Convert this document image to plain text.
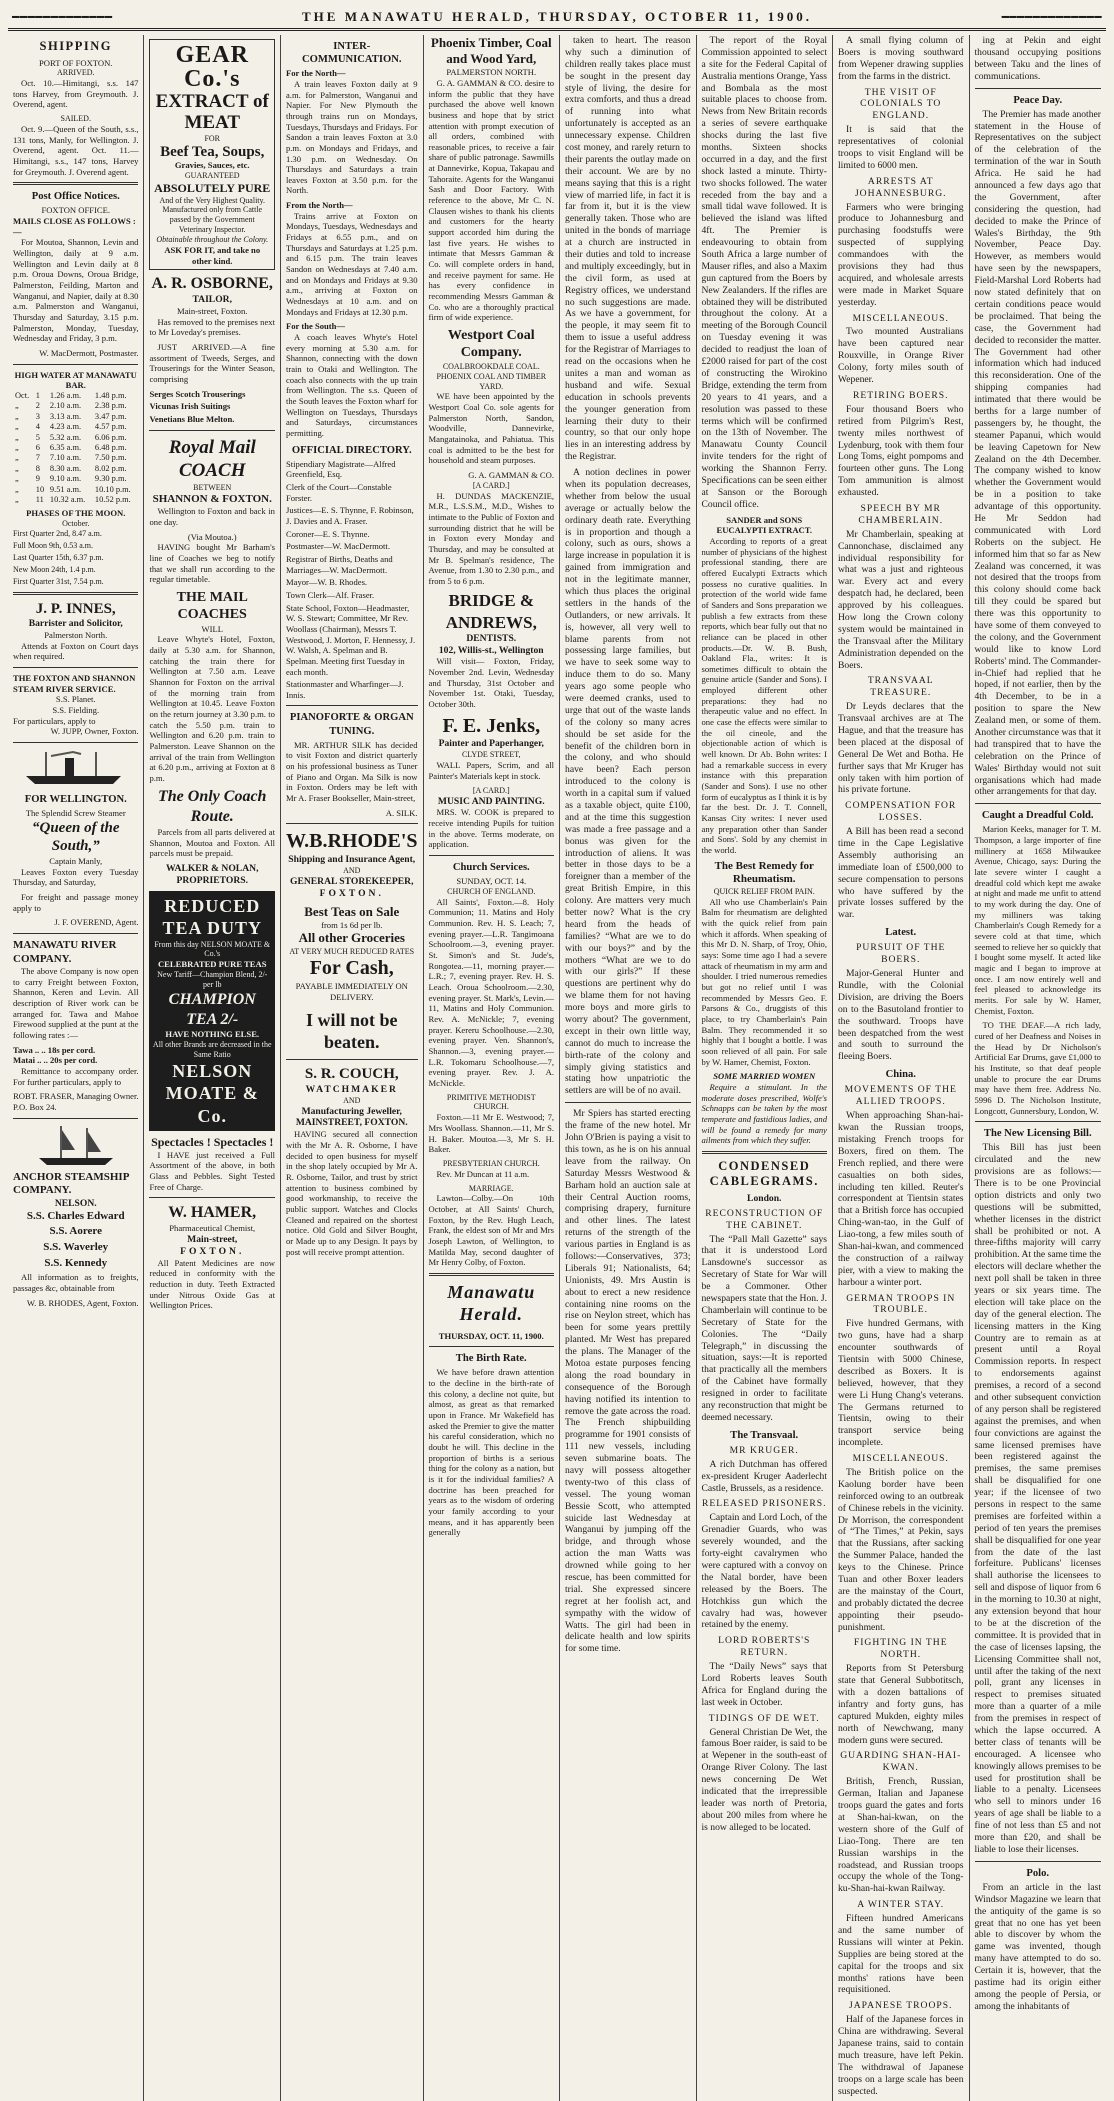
━━━━━━━━━━━━━	THE MANAWATU HERALD, THURSDAY, OCTOBER 11, 1900.	━━━━━━━━━━━━━
SHIPPING
PORT OF FOXTON.
ARRIVED.

Oct. 10.—Himitangi, s.s. 147 tons Harvey, from Greymouth. J. Overend, agent.

SAILED.

Oct. 9.—Queen of the South, s.s., 131 tons, Manly, for Wellington. J. Overend, agent. Oct. 11.—Himitangi, s.s., 147 tons, Harvey for Greymouth. J. Overend agent.

Post Office Notices.
FOXTON OFFICE.
MAILS CLOSE AS FOLLOWS :—

For Moutoa, Shannon, Levin and Wellington, daily at 9 a.m. Wellington and Levin daily at 8 p.m. Oroua Downs, Oroua Bridge, Palmerston, Feilding, Marton and Wanganui, and Napier, daily at 8.30 a.m. Palmerston and Wanganui, Thursday and Saturday, 3.15 p.m. Palmerston, Monday, Tuesday, Wednesday and Friday, 3 p.m.

W. MacDermott, Postmaster.
HIGH WATER AT MANAWATU BAR.
Oct.	1	1.26 a.m.	1.48 p.m.
„	2	2.10 a.m.	2.38 p.m.
„	3	3.13 a.m.	3.47 p.m.
„	4	4.23 a.m.	4.57 p.m.
„	5	5.32 a.m.	6.06 p.m.
„	6	6.35 a.m.	6.48 p.m.
„	7	7.10 a.m.	7.50 p.m.
„	8	8.30 a.m.	8.02 p.m.
„	9	9.10 a.m.	9.30 p.m.
„	10	9.51 a.m.	10.10 p.m.
„	11	10.32 a.m.	10.52 p.m.
PHASES OF THE MOON.
October.
First Quarter 2nd, 8.47 a.m.
Full Moon 9th, 0.53 a.m.
Last Quarter 15th, 6.37 p.m.
New Moon 24th, 1.4 p.m.
First Quarter 31st, 7.54 p.m.
J. P. INNES,
Barrister and Solicitor,
Palmerston North.

Attends at Foxton on Court days when required.

THE FOXTON AND SHANNON STEAM RIVER SERVICE.
S.S. Planet.
S.S. Fielding.
For particulars, apply to
W. JUPP, Owner, Foxton.
FOR WELLINGTON.
The Splendid Screw Steamer
“Queen of the South,”
Captain Manly,

Leaves Foxton every Tuesday Thursday, and Saturday,

For freight and passage money apply to

J. F. OVEREND, Agent.
MANAWATU RIVER COMPANY.

The above Company is now open to carry Freight between Foxton, Shannon, Keren and Levin. All description of River work can be arranged for. Tawa and Mahoe Firewood supplied at the punt at the following rates :—

Tawa .. .. 18s per cord.
Matai .. .. 20s per cord.

Remittance to accompany order. For further particulars, apply to

ROBT. FRASER, Managing Owner.
P.O. Box 24.
ANCHOR STEAMSHIP COMPANY.
NELSON.
S.S. Charles Edward
S.S. Aorere
S.S. Waverley
S.S. Kennedy

All information as to freights, passages &c, obtainable from

W. B. RHODES, Agent, Foxton.
GEAR Co.'s
EXTRACT of MEAT
FOR
Beef Tea, Soups,
Gravies, Sauces, etc.
GUARANTEED
ABSOLUTELY PURE
And of the Very Highest Quality. Manufactured only from Cattle passed by the Government Veterinary Inspector.
Obtainable throughout the Colony.
ASK FOR IT, and take no other kind.
A. R. OSBORNE,
TAILOR,
Main-street, Foxton.

Has removed to the premises next to Mr Loveday's premises.

JUST ARRIVED.—A fine assortment of Tweeds, Serges, and Trouserings for the Winter Season, comprising

Serges Scotch Trouserings
Vicunas Irish Suitings
Venetians Blue Melton.
Royal Mail COACH
BETWEEN
SHANNON & FOXTON.

Wellington to Foxton and back in one day.

(Via Moutoa.)

HAVING bought Mr Barham's line of Coaches we beg to notify that we shall run according to the regular timetable.

THE MAIL COACHES
WILL

Leave Whyte's Hotel, Foxton, daily at 5.30 a.m. for Shannon, catching the train there for Wellington at 7.50 a.m. Leave Shannon for Foxton on the arrival of the morning train from Wellington at 10.45. Leave Foxton on the return journey at 3.30 p.m. to catch the 5.50 p.m. train to Wellington and 6.20 p.m. train to Palmerston. Leave Shannon on the arrival of the train from Wellington at 6.20 p.m., arriving at Foxton at 8 p.m.

The Only Coach Route.

Parcels from all parts delivered at Shannon, Moutoa and Foxton. All parcels must be prepaid.

WALKER & NOLAN, PROPRIETORS.
REDUCED TEA DUTY
From this day NELSON MOATE & Co.'s
CELEBRATED PURE TEAS
New Tariff—Champion Blend, 2/- per lb
CHAMPION TEA 2/-
HAVE NOTHING ELSE.
All other Brands are decreased in the Same Ratio
NELSON MOATE & Co.
Spectacles ! Spectacles !

I HAVE just received a Full Assortment of the above, in both Glass and Pebbles. Sight Tested Free of Charge.

W. HAMER,
Pharmaceutical Chemist,
Main-street,
FOXTON.

All Patent Medicines are now reduced in conformity with the reduction in duty. Teeth Extracted under Nitrous Oxide Gas at Wellington Prices.

INTER-COMMUNICATION.
For the North—

A train leaves Foxton daily at 9 a.m. for Palmerston, Wanganui and Napier. For New Plymouth the through trains run on Mondays, Tuesdays, Thursdays and Fridays. For Sandon a train leaves Foxton at 3.0 p.m. on Mondays and Fridays, and 1.30 p.m. on Wednesday. On Thursdays and Saturdays a train leaves Foxton at 3.50 p.m. for the North.

From the North—

Trains arrive at Foxton on Mondays, Tuesdays, Wednesdays and Fridays at 6.55 p.m., and on Thursdays and Saturdays at 1.25 p.m. and 6.15 p.m. The train leaves Sandon on Wednesdays at 7.40 a.m. and on Mondays and Fridays at 9.30 a.m., arriving at Foxton on Wednesdays at 10 a.m. and on Mondays and Fridays at 12.30 p.m.

For the South—

A coach leaves Whyte's Hotel every morning at 5.30 a.m. for Shannon, connecting with the down train to Otaki and Wellington. The coach also connects with the up train from Wellington. The s.s. Queen of the South leaves the Foxton wharf for Wellington on Tuesdays, Thursdays and Saturdays, circumstances permitting.

OFFICIAL DIRECTORY.
Stipendiary Magistrate—Alfred Greenfield, Esq.
Clerk of the Court—Constable Forster.
Justices—E. S. Thynne, F. Robinson, J. Davies and A. Fraser.
Coroner—E. S. Thynne.
Postmaster—W. MacDermott.
Registrar of Births, Deaths and Marriages—W. MacDermott.
Mayor—W. B. Rhodes.
Town Clerk—Alf. Fraser.
State School, Foxton—Headmaster, W. S. Stewart; Committee, Mr Rev. Woollass (Chairman), Messrs T. Westwood, J. Morton, F. Hennessy, J. W. Walsh, A. Spelman and B. Spelman. Meeting first Tuesday in each month.
Stationmaster and Wharfinger—J. Innis.
PIANOFORTE & ORGAN TUNING.

MR. ARTHUR SILK has decided to visit Foxton and district quarterly on his professional business as Tuner of Piano and Organ. Ma Silk is now in Foxton. Orders may be left with Mr A. Fraser Bookseller, Main-street,

A. SILK.
W.B.RHODE'S
Shipping and Insurance Agent,
AND
GENERAL STOREKEEPER,
FOXTON.
Best Teas on Sale
from 1s 6d per lb.
All other Groceries
AT VERY MUCH REDUCED RATES
For Cash,
PAYABLE IMMEDIATELY ON DELIVERY.
I will not be beaten.
S. R. COUCH,
WATCHMAKER
AND
Manufacturing Jeweller,
MAINSTREET, FOXTON.

HAVING secured all connection with the Mr A. R. Osborne, I have decided to open business for myself in the shop lately occupied by Mr A. R. Osborne, Tailor, and trust by strict attention to business combined by good workmanship, to receive the public support. Watches and Clocks Cleaned and repaired on the shortest notice. Old Gold and Silver Bought, or Made up to any Design. It pays by post will receive prompt attention.

Phoenix Timber, Coal and Wood Yard,
PALMERSTON NORTH.

G. A. GAMMAN & CO. desire to inform the public that they have purchased the above well known business and hope that by strict attention with prompt execution of all orders, combined with reasonable prices, to receive a fair share of public patronage. Sawmills at Dannevirke, Kopua, Takapau and Tahoraite. Agents for the Wanganui Sash and Door Factory. With reference to the above, Mr C. N. Clausen wishes to thank his clients and customers for the hearty support accorded him during the last five years. He wishes to intimate that Messrs Gamman & Co. will complete orders in hand, and receive payment for same. He has every confidence in recommending Messrs Gamman & Co. who are a thoroughly practical firm of wide experience.

Westport Coal Company.
COALBROOKDALE COAL.
PHOENIX COAL AND TIMBER YARD.

WE have been appointed by the Westport Coal Co. sole agents for Palmerston North, Sandon, Woodville, Dannevirke, Mangatainoka, and Pahiatua. This coal is admitted to be the best for household and steam purposes.

G. A. GAMMAN & CO.
[A CARD.]

H. DUNDAS MACKENZIE, M.R., L.S.S.M., M.D., Wishes to intimate to the Public of Foxton and surrounding district that he will be in Foxton every Monday and Thursday, and may be consulted at Mr B. Spelman's residence, The Avenue, from 1.30 to 2.30 p.m., and from 5 to 6 p.m.

BRIDGE & ANDREWS,
DENTISTS.
102, Willis-st., Wellington

Will visit— Foxton, Friday, November 2nd. Levin, Wednesday and Thursday, 31st October and November 1st. Otaki, Tuesday, October 30th.

F. E. Jenks,
Painter and Paperhanger,
CLYDE STREET,

WALL Papers, Scrim, and all Painter's Materials kept in stock.

[A CARD.]
MUSIC AND PAINTING.

MRS. W. COOK is prepared to receive intending Pupils for tuition in the above. Terms moderate, on application.

Church Services.
SUNDAY, OCT. 14.
CHURCH OF ENGLAND.

All Saints', Foxton.—8. Holy Communion; 11. Matins and Holy Communion. Rev. H. S. Leach; 7, evening prayer.—L.R. Tangimoana Schoolroom.—3, evening prayer. St. Simon's and St. Jude's, Rongotea.—11, morning prayer.—L.R.; 7, evening prayer. Rev. H. S. Leach. Oroua Schoolroom.—2.30, evening prayer. St. Mark's, Levin.—11, Matins and Holy Communion. Rev. A. McNickle; 7, evening prayer. Kereru Schoolhouse.—2.30, evening prayer. Ven. Shannon's, Shannon.—3, evening prayer.—L.R. Tokomaru Schoolhouse.—7, evening prayer. Rev. J. A. McNickle.

PRIMITIVE METHODIST CHURCH.

Foxton.—11 Mr E. Westwood; 7, Mrs Woollass. Shannon.—11, Mr S. H. Baker. Moutoa.—3, Mr S. H. Baker.

PRESBYTERIAN CHURCH.

Rev. Mr Duncan at 11 a.m.

MARRIAGE.

Lawton—Colby.—On 10th October, at All Saints' Church, Foxton, by the Rev. Hugh Leach, Frank, the eldest son of Mr and Mrs Joseph Lawton, of Wellington, to Matilda May, second daughter of Mr Henry Colby, of Foxton.

Manawatu Herald.
THURSDAY, OCT. 11, 1900.
The Birth Rate.

We have before drawn attention to the decline in the birth-rate of this colony, a decline not quite, but almost, as great as that remarked upon in France. Mr Wakefield has asked the Premier to give the matter his careful consideration, which no doubt he will. This decline in the proportion of births is a serious thing for the colony as a nation, but is it for the individual families? A doctrine has been preached for years as to the wisdom of ordering your family according to your means, and it has apparently been generally

taken to heart. The reason why such a diminution of children really takes place must be sought in the present day style of living, the desire for extra comforts, and thus a dread of running into what unfortunately is accepted as an unnecessary expense. Children cost money, and rarely return to their parents the outlay made on their account. We are by no means saying that this is a right view of married life, in fact it is far from it, but it is the view generally taken. Those who are united in the bonds of marriage at a church are instructed in their duties and told to increase and multiply exceedingly, but in the civil form, as used at Registry offices, we understand no such suggestions are made. As we have a government, for the people, it may seem fit to them to issue a useful address for the Registrar of Marriages to read on the occasions when he unites a man and woman as husband and wife. Sexual education in schools prevents the younger generation from learning their duty to their country, so that our only hope lies in an interesting address by the Registrar.

A notion declines in power when its population decreases, whether from below the usual average or actually below the ordinary death rate. Everything is in proportion and though a colony, such as ours, shows a large increase in population it is gained from immigration and not in the legitimate manner, which thus places the original settlers in the hands of the Outlanders, or new arrivals. It is, however, all very well to blame parents from not possessing large families, but we have to seek some way to induce them to do so. Many years ago some people who were deemed cranks, used to urge that out of the waste lands of the colony so many acres should be set aside for the benefit of the children born in the colony, and who should have been? Each person introduced to the colony is worth in a capital sum if valued as a taxable object, quite £100, and at the time this suggestion was made a free passage and a bonus was given for the introduction of aliens. It was better in those days to be a foreigner than a member of the great British Empire, in this colony. Are matters very much better now? What is the cry heard from the heads of families? “What are we to do with our boys?” and by the mothers “What are we to do with our girls?” If these questions are pertinent why do we blame them for not having more boys and more girls to worry about? The government, except in their own little way, cannot do much to increase the birth-rate of the colony and simply giving statistics and stating how unpatriotic the settlers are will be of no avail.

Mr Spiers has started erecting the frame of the new hotel. Mr John O'Brien is paying a visit to this town, as he is on his annual leave from the railway. On Saturday Messrs Westwood & Barham hold an auction sale at their Central Auction rooms, comprising drapery, furniture and other lines. The latest returns of the strength of the various parties in England is as follows:—Conservatives, 373; Liberals 91; Nationalists, 64; Unionists, 49. Mrs Austin is about to erect a new residence containing nine rooms on the rise on Neylon street, which has been for some years prettily planted. Mr West has prepared the plans. The Manager of the Motoa estate purposes fencing along the road boundary in consequence of the Borough having notified its intention to remove the gate across the road. The French shipbuilding programme for 1901 consists of 111 new vessels, including seven submarine boats. The navy will possess altogether twenty-two of this class of vessel. The young woman Bessie Scott, who attempted suicide last Wednesday at Wanganui by jumping off the bridge, and through whose action the man Watts was drowned while going to her rescue, has been committed for trial. She expressed sincere regret at her foolish act, and sympathy with the widow of Watts. The girl had been in delicate health and low spirits for some time.

The report of the Royal Commission appointed to select a site for the Federal Capital of Australia mentions Orange, Yass and Bombala as the most suitable places to choose from. News from New Britain records a series of severe earthquake shocks during the last five months. Sixteen shocks occurred in a day, and the first shock lasted a minute. Thirty-two shocks followed. The water receded from the bay and a small tidal wave followed. It is believed the island was lifted 4ft. The Premier is endeavouring to obtain from South Africa a large number of Mauser rifles, and also a Maxim gun captured from the Boers by New Zealanders. If the rifles are obtained they will be distributed throughout the colony. At a meeting of the Borough Council on Tuesday evening it was decided to readjust the loan of £2000 raised for part of the cost of constructing the Wirokino Bridge, extending the term from 20 years to 41 years, and a resolution was passed to these terms which will be confirmed on the 13th of November. The Manawatu County Council invite tenders for the right of working the Shannon Ferry. Specifications can be seen either at Sanson or the Borough Council office.

SANDER and SONS EUCALYPTI EXTRACT.

According to reports of a great number of physicians of the highest professional standing, there are offered Eucalypti Extracts which possess no curative qualities. In protection of the world wide fame of Sanders and Sons preparation we publish a few extracts from these reports, which bear fully out that no reliance can be placed in other products.—Dr. W. B. Bush, Oakland Fla., writes: It is sometimes difficult to obtain the genuine article (Sander and Sons). I employed different other preparations: they had no therapeutic value and no effect. In one case the effects were similar to the oil cineole, and the objectionable action of which is well known. Dr Ab. Bohn writes: I had a remarkable success in every instance with this preparation (Sander and Sons). I use no other form of eucalyptus as I think it is by far the best. Dr. J. T. Connell, Kansas City writes: I never used any preparation other than Sander and Sons'. Sold by any chemist in the world.

The Best Remedy for Rheumatism.
QUICK RELIEF FROM PAIN.

All who use Chamberlain's Pain Balm for rheumatism are delighted with the quick relief from pain which it affords. When speaking of this Mr D. N. Sharp, of Troy, Ohio, says: Some time ago I had a severe attack of rheumatism in my arm and shoulder. I tried numerous remedies but got no relief until I was recommended by Messrs Geo. F. Parsons & Co., druggists of this place, to try Chamberlain's Pain Balm. They recommended it so highly that I bought a bottle. I was soon relieved of all pain. For sale by W. Hamer, Chemist, Foxton.

SOME MARRIED WOMEN

Require a stimulant. In the moderate doses prescribed, Wolfe's Schnapps can be taken by the most temperate and fastidious ladies, and will be found a remedy for many ailments from which they suffer.

CONDENSED CABLEGRAMS.
London.
RECONSTRUCTION OF THE CABINET.

The “Pall Mall Gazette” says that it is understood Lord Lansdowne's successor as Secretary of State for War will be a Commoner. Other newspapers state that the Hon. J. Chamberlain will continue to be Secretary of State for the Colonies. The “Daily Telegraph,” in discussing the situation, says:—It is reported that practically all the members of the Cabinet have formally resigned in order to facilitate any reconstruction that might be deemed necessary.

The Transvaal.
MR KRUGER.

A rich Dutchman has offered ex-president Kruger Aaderlecht Castle, Brussels, as a residence.

RELEASED PRISONERS.

Captain and Lord Loch, of the Grenadier Guards, who was severely wounded, and the forty-eight cavalrymen who were captured with a convoy on the Natal border, have been released by the Boers. The Hotchkiss gun which the cavalry had was, however retained by the enemy.

LORD ROBERTS'S RETURN.

The “Daily News” says that Lord Roberts leaves South Africa for England during the last week in October.

TIDINGS OF DE WET.

General Christian De Wet, the famous Boer raider, is said to be at Wepener in the south-east of Orange River Colony. The last news concerning De Wet indicated that the irrepressible leader was north of Pretoria, about 200 miles from where he is now alleged to be located.

A small flying column of Boers is moving southward from Wepener drawing supplies from the farms in the district.

THE VISIT OF COLONIALS TO ENGLAND.

It is said that the representatives of colonial troops to visit England will be limited to 6000 men.

ARRESTS AT JOHANNESBURG.

Farmers who were bringing produce to Johannesburg and purchasing foodstuffs were suspected of supplying commandoes with the provisions they had thus acquired, and wholesale arrests were made in Market Square yesterday.

MISCELLANEOUS.

Two mounted Australians have been captured near Rouxville, in Orange River Colony, forty miles south of Wepener.

RETIRING BOERS.

Four thousand Boers who retired from Pilgrim's Rest, twenty miles northwest of Lydenburg, took with them four Long Toms, eight pompoms and fourteen other guns. The Long Tom ammunition is almost exhausted.

SPEECH BY MR CHAMBERLAIN.

Mr Chamberlain, speaking at Cannonchase, disclaimed any individual responsibility for what was a just and righteous war. Every act and every despatch had, he declared, been approved by his colleagues. How long the Crown colony system would be maintained in the Transvaal after the Military Administration depended on the Boers.

TRANSVAAL TREASURE.

Dr Leyds declares that the Transvaal archives are at The Hague, and that the treasure has been placed at the disposal of General De Wet and Botha. He further says that Mr Kruger has only taken with him portion of his private fortune.

COMPENSATION FOR LOSSES.

A Bill has been read a second time in the Cape Legislative Assembly authorising an immediate loan of £500,000 to secure compensation to persons who have suffered by the private losses suffered by the war.

Latest.
PURSUIT OF THE BOERS.

Major-General Hunter and Rundle, with the Colonial Division, are driving the Boers on to the Basutoland frontier to the southward. Troops have been despatched from the west and south to surround the fleeing Boers.

China.
MOVEMENTS OF THE ALLIED TROOPS.

When approaching Shan-hai-kwan the Russian troops, mistaking French troops for Boxers, fired on them. The French replied, and there were casualties on both sides, including ten killed. Reuter's correspondent at Tientsin states that a British force has occupied Ching-wan-tao, in the Gulf of Liao-tong, a few miles south of Shan-hai-kwan, and commenced the construction of a railway pier, with a view to making the harbour a winter port.

GERMAN TROOPS IN TROUBLE.

Five hundred Germans, with two guns, have had a sharp encounter southwards of Tientsin with 5000 Chinese, described as Boxers. It is believed, however, that they were Li Hung Chang's veterans. The Germans returned to Tientsin, owing to their transport service being incomplete.

MISCELLANEOUS.

The British police on the Kaolung border have been reinforced owing to an outbreak of Chinese rebels in the vicinity. Dr Morrison, the correspondent of “The Times,” at Pekin, says that the Russians, after sacking the Summer Palace, handed the keys to the Chinese. Prince Tuan and other Boxer leaders are the mainstay of the Court, and probably dictated the decree appointing their pseudo-punishment.

FIGHTING IN THE NORTH.

Reports from St Petersburg state that General Subbotitsch, with a dozen battalions of infantry and forty guns, has captured Mukden, eighty miles north of Newchwang, many modern guns were secured.

GUARDING SHAN-HAI-KWAN.

British, French, Russian, German, Italian and Japanese troops guard the gates and forts at Shan-hai-kwan, on the western shore of the Gulf of Liao-Tong. There are ten Russian warships in the roadstead, and Russian troops occupy the whole of the Tong-ku-Shan-hai-kwan Railway.

A WINTER STAY.

Fifteen hundred Americans and the same number of Russians will winter at Pekin. Supplies are being stored at the capital for the troops and six months' rations have been requisitioned.

JAPANESE TROOPS.

Half of the Japanese forces in China are withdrawing. Several Japanese trains, said to contain much treasure, have left Pekin. The withdrawal of Japanese troops on a large scale has been suspected.

ing at Pekin and eight thousand occupying positions between Taku and the lines of communications.

Peace Day.

The Premier has made another statement in the House of Representatives on the subject of the celebration of the termination of the war in South Africa. He said he had announced a few days ago that the Government, after considering the question, had decided to make the Prince of Wales's Birthday, the 9th November, Peace Day. However, as members would have seen by the newspapers, Field-Marshal Lord Roberts had now stated definitely that on certain conditions peace would be proclaimed. That being the case, the Government had decided to reconsider the matter. The Government had other information which had induced this reconsideration. One of the shipping companies had intimated that there would be berths for a large number of passengers by, he thought, the steamer Papanui, which would be leaving Capetown for New Zealand on the 4th December. The company wished to know whether the Government would be in a position to take advantage of this opportunity. He Mr Seddon had communicated with Lord Roberts on the subject. He informed him that so far as New Zealand was concerned, it was not desired that the troops from this colony should come back till they could be spared but there was this opportunity to have some of them conveyed to the colony, and the Government would like to know Lord Roberts' mind. The Commander-in-Chief had replied that he hoped, if not earlier, then by the 4th December, to be in a position to spare the New Zealand men, or some of them. Another circumstance was that it had transpired that to have the celebration on the Prince of Wales' Birthday would not suit organisations which had made other arrangements for that day.

Caught a Dreadful Cold.

Marion Keeks, manager for T. M. Thompson, a large importer of fine millinery at 1658 Milwaukee Avenue, Chicago, says: During the late severe winter I caught a dreadful cold which kept me awake at night and made me unfit to attend to my work during the day. One of my milliners was taking Chamberlain's Cough Remedy for a severe cold at that time, which seemed to relieve her so quickly that I bought some myself. It acted like magic and I began to improve at once. I am now entirely well and feel pleased to acknowledge its merits. For sale by W. Hamer, Chemist, Foxton.

TO THE DEAF.—A rich lady, cured of her Deafness and Noises in the Head by Dr Nicholson's Artificial Ear Drums, gave £1,000 to his Institute, so that deaf people unable to procure the ear Drums may have them free. Address No. 5996 D. The Nicholson Institute, Longcott, Gunnersbury, London, W.

The New Licensing Bill.

This Bill has just been circulated and the new provisions are as follows:—There is to be one Provincial option districts and only two questions will be submitted, whether licenses in the district shall be prohibited or not. A three-fifths majority will carry prohibition. At the same time the electors will declare whether the next poll shall be taken in three years or six years time. The election will take place on the day of the general election. The licensing matters in the King Country are to remain as at present until a Royal Commission reports. In respect to endorsements against premises, a record of a second and other subsequent conviction of any person shall be registered against the premises, and when four convictions are against the same licensed premises have been registered against the premises, the same premises shall be disqualified for one year; if the licensee of two persons in respect to the same premises are forfeited within a period of ten years the premises shall be disqualified for one year from the date of the last forfeiture. Publicans' licenses shall authorise the licensees to sell and dispose of liquor from 6 in the morning to 10.30 at night, any extension beyond that hour to be at the discretion of the committee. It is provided that in the case of licenses lapsing, the Licensing Committee shall not, until after the taking of the next poll, grant any licenses in respect to premises situated more than a quarter of a mile from the premises in respect of which the lapse occurred. A better class of tenants will be encouraged. A licensee who knowingly allows premises to be used for prostitution shall be liable to a penalty. Licensees who sell to minors under 16 years of age shall be liable to a fine of not less than £5 and not more than £20, and shall be liable to lose their licenses.

Polo.

From an article in the last Windsor Magazine we learn that the antiquity of the game is so great that no one has yet been able to discover by whom the game was invented, though many have attempted to do so. Certain it is, however, that the pastime had its origin either among the people of Persia, or among the inhabitants of
